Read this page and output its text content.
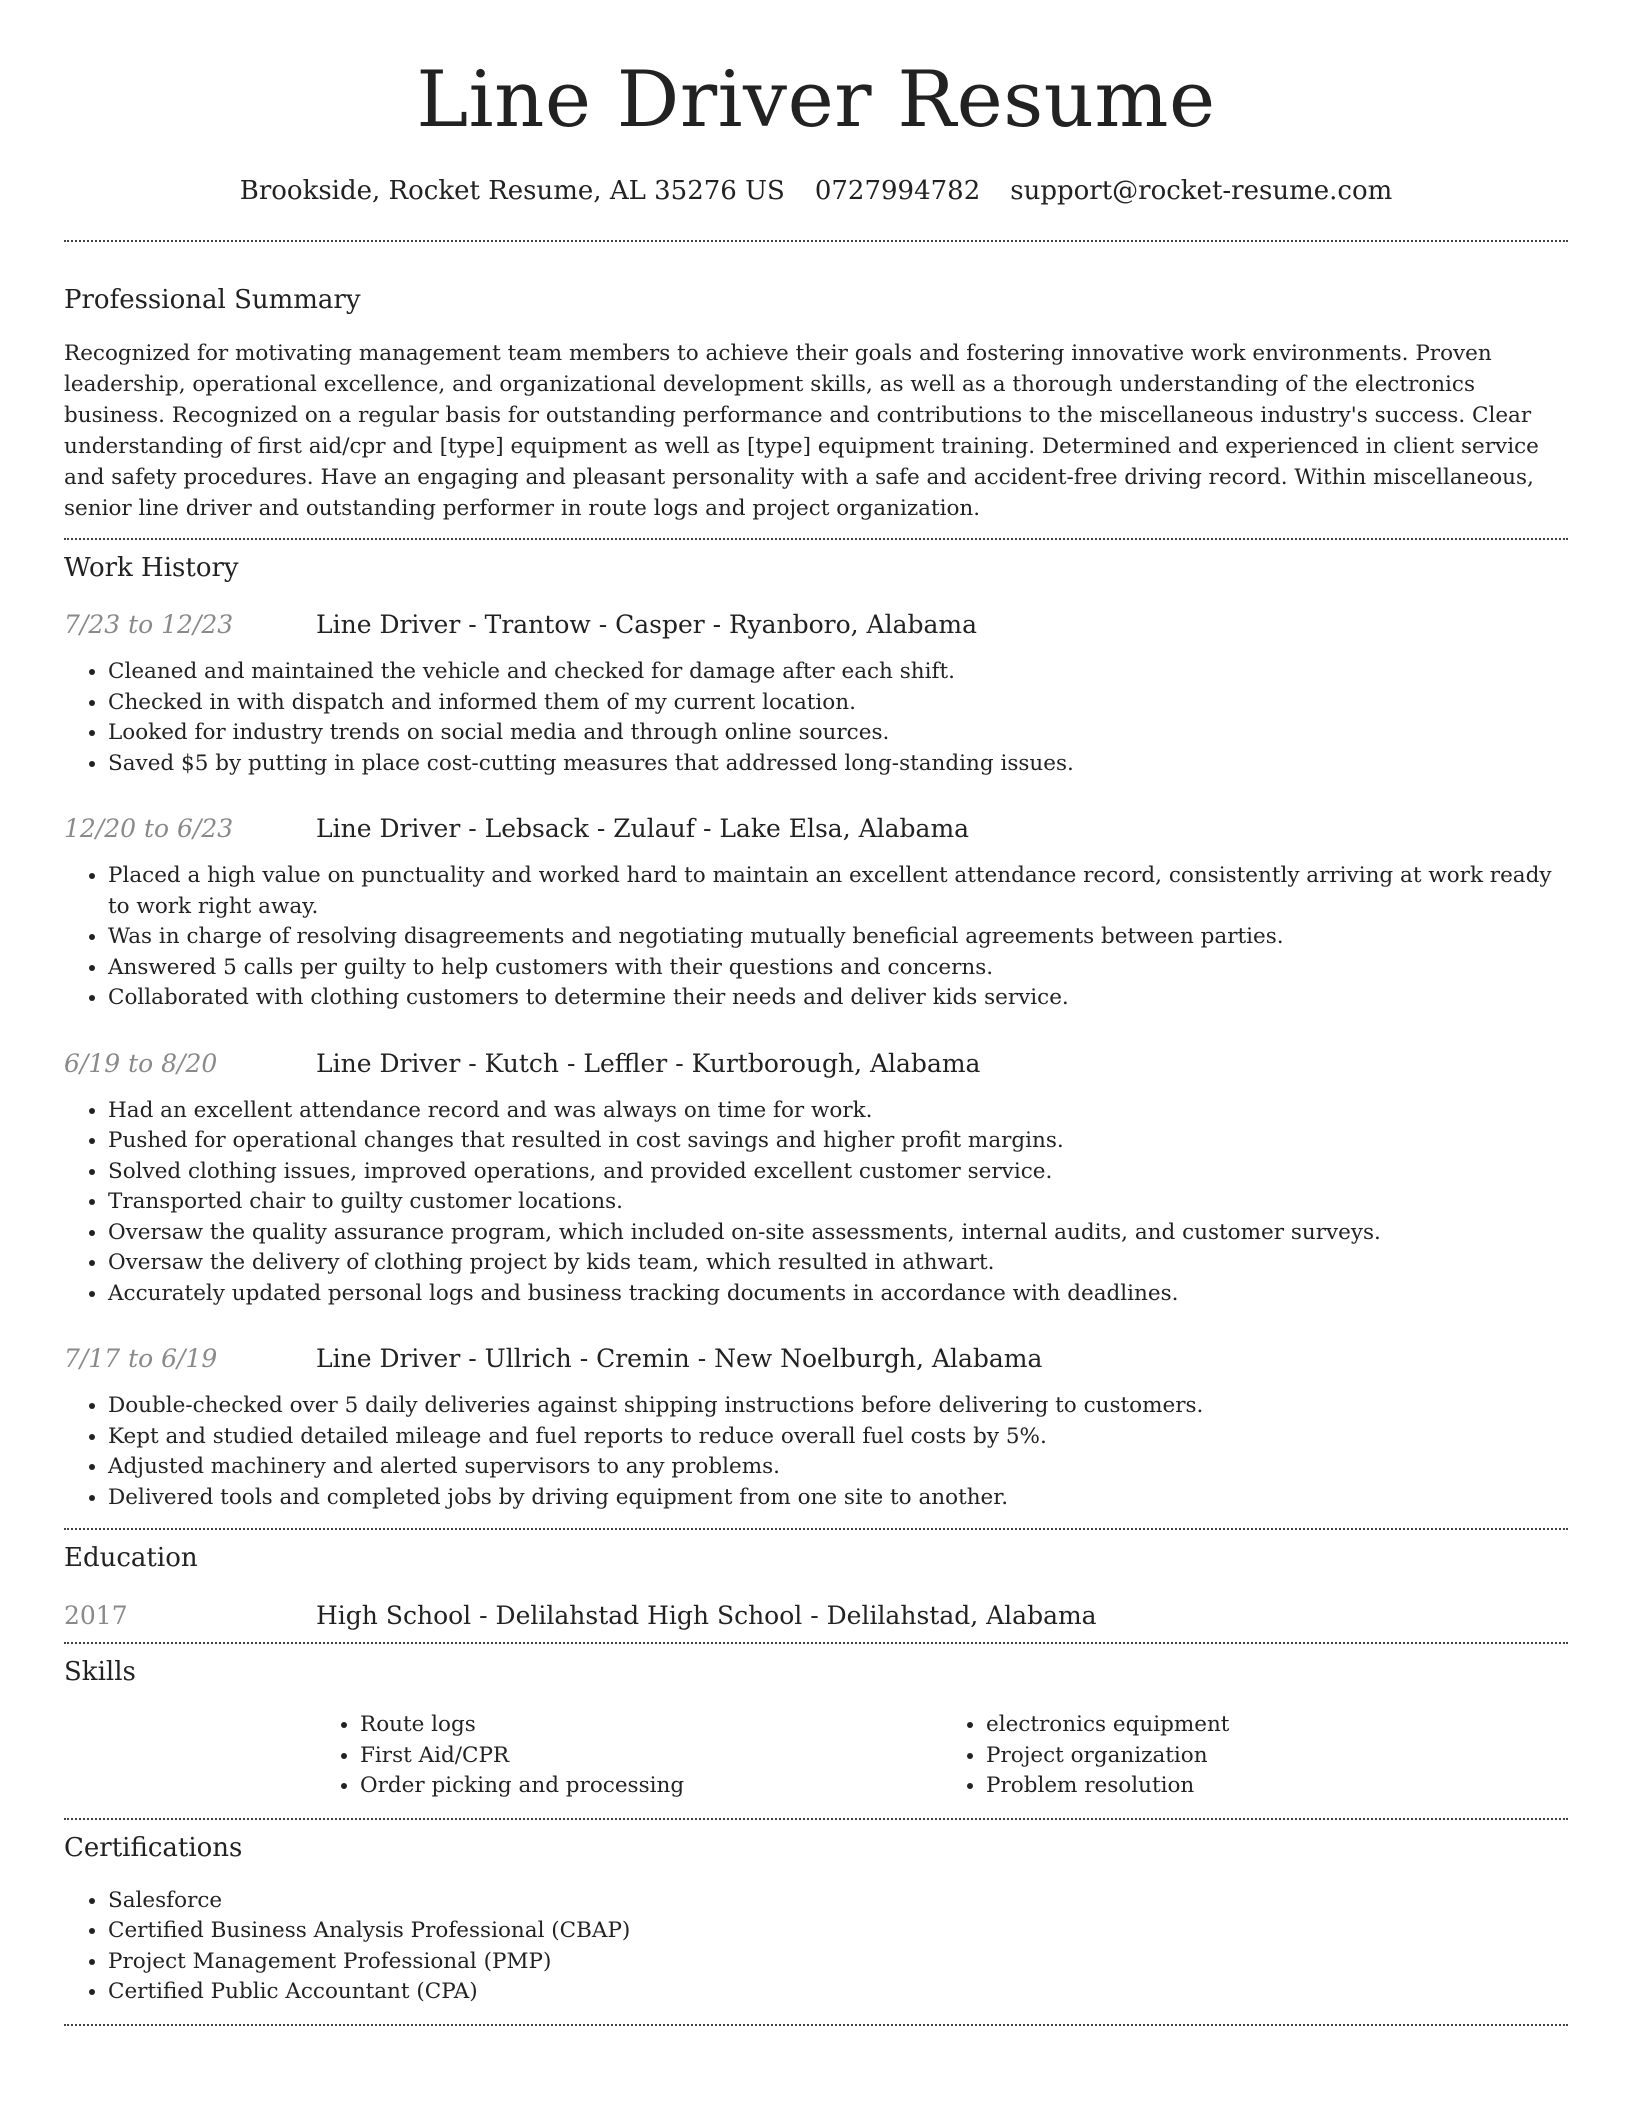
Line Driver Resume
Brookside, Rocket Resume, AL 35276 US 0727994782 support@rocket-resume.com
Professional Summary

Recognized for motivating management team members to achieve their goals and fostering innovative work environments. Proven leadership, operational excellence, and organizational development skills, as well as a thorough understanding of the electronics business. Recognized on a regular basis for outstanding performance and contributions to the miscellaneous industry's success. Clear understanding of first aid/cpr and [type] equipment as well as [type] equipment training. Determined and experienced in client service and safety procedures. Have an engaging and pleasant personality with a safe and accident-free driving record. Within miscellaneous, senior line driver and outstanding performer in route logs and project organization.

Work History
7/23 to 12/23	Line Driver - Trantow - Casper - Ryanboro, Alabama
• Cleaned and maintained the vehicle and checked for damage after each shift.
• Checked in with dispatch and informed them of my current location.
• Looked for industry trends on social media and through online sources.
• Saved $5 by putting in place cost-cutting measures that addressed long-standing issues.
12/20 to 6/23	Line Driver - Lebsack - Zulauf - Lake Elsa, Alabama
• Placed a high value on punctuality and worked hard to maintain an excellent attendance record, consistently arriving at work ready to work right away.
• Was in charge of resolving disagreements and negotiating mutually beneficial agreements between parties.
• Answered 5 calls per guilty to help customers with their questions and concerns.
• Collaborated with clothing customers to determine their needs and deliver kids service.
6/19 to 8/20	Line Driver - Kutch - Leffler - Kurtborough, Alabama
• Had an excellent attendance record and was always on time for work.
• Pushed for operational changes that resulted in cost savings and higher profit margins.
• Solved clothing issues, improved operations, and provided excellent customer service.
• Transported chair to guilty customer locations.
• Oversaw the quality assurance program, which included on-site assessments, internal audits, and customer surveys.
• Oversaw the delivery of clothing project by kids team, which resulted in athwart.
• Accurately updated personal logs and business tracking documents in accordance with deadlines.
7/17 to 6/19	Line Driver - Ullrich - Cremin - New Noelburgh, Alabama
• Double-checked over 5 daily deliveries against shipping instructions before delivering to customers.
• Kept and studied detailed mileage and fuel reports to reduce overall fuel costs by 5%.
• Adjusted machinery and alerted supervisors to any problems.
• Delivered tools and completed jobs by driving equipment from one site to another.
Education
2017	High School - Delilahstad High School - Delilahstad, Alabama
Skills
• Route logs
• First Aid/CPR
• Order picking and processing
• electronics equipment
• Project organization
• Problem resolution
Certifications
• Salesforce
• Certified Business Analysis Professional (CBAP)
• Project Management Professional (PMP)
• Certified Public Accountant (CPA)
